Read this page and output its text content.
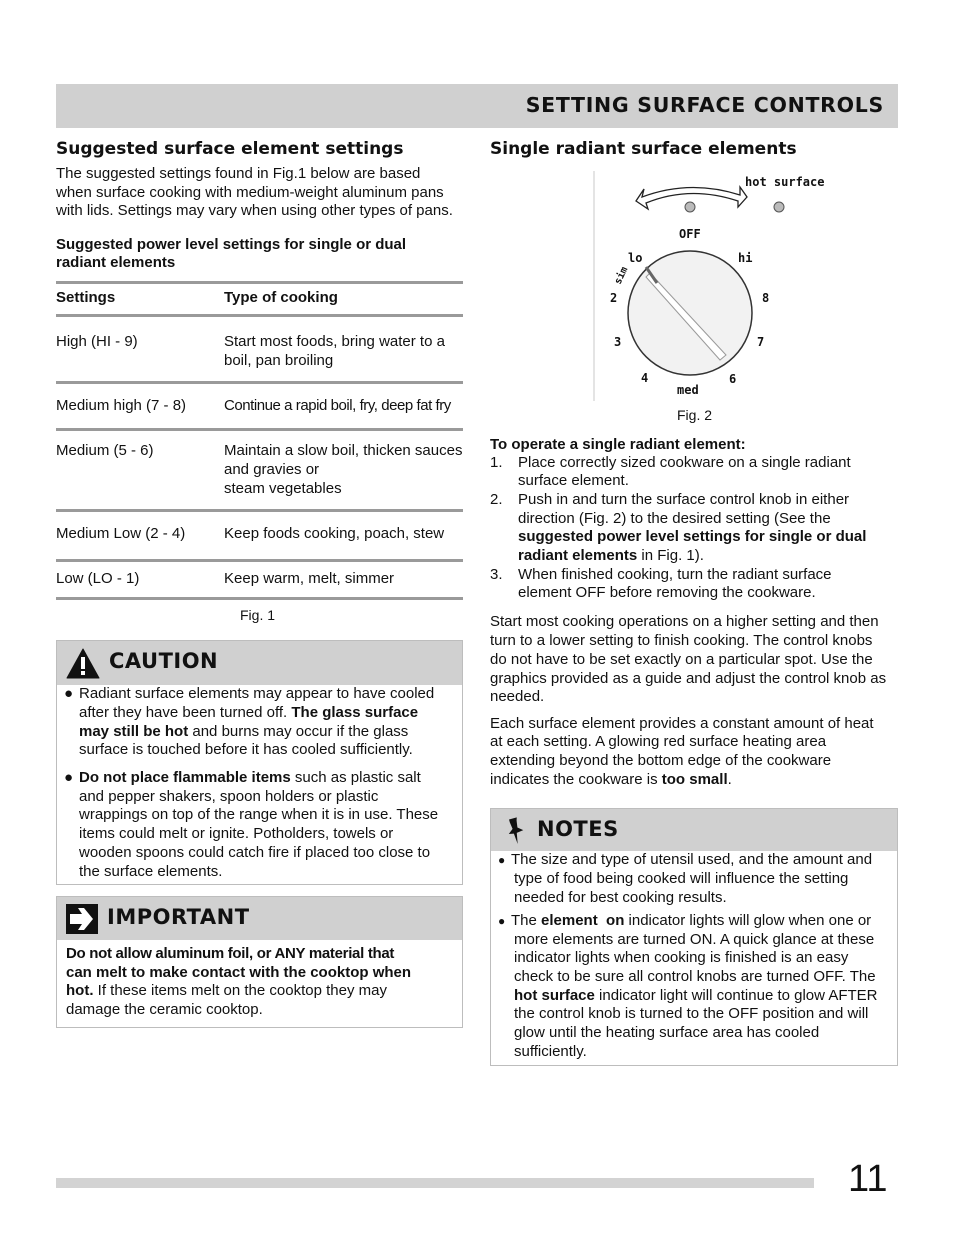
SETTING SURFACE CONTROLS
Suggested surface element settings
The suggested settings found in Fig.1 below are based
when surface cooking with medium-weight aluminum pans
with lids. Settings may vary when using other types of pans.
Suggested power level settings for single or dual
radiant elements
Settings	Type of cooking
High (HI - 9)	Start most foods, bring water to a
boil, pan broiling
Medium high (7 - 8)	Continue a rapid boil, fry, deep fat fry
Medium (5 - 6)	Maintain a slow boil, thicken sauces
and gravies or
steam vegetables
Medium Low (2 - 4)	Keep foods cooking, poach, stew
Low (LO - 1)	Keep warm, melt, simmer
Fig. 1
CAUTION
● Radiant surface elements may appear to have cooled
after they have been turned off. The glass surface
may still be hot and burns may occur if the glass
surface is touched before it has cooled sufficiently.
● Do not place flammable items such as plastic salt
and pepper shakers, spoon holders or plastic
wrappings on top of the range when it is in use. These
items could melt or ignite. Potholders, towels or
wooden spoons could catch fire if placed too close to
the surface elements.
IMPORTANT
Do not allow aluminum foil, or ANY material that
can melt to make contact with the cooktop when
hot. If these items melt on the cooktop they may
damage the ceramic cooktop.
Single radiant surface elements
hot surface
OFF
lo	hi
sim
2
3
4
med
6
7
8
Fig. 2
To operate a single radiant element:
1. Place correctly sized cookware on a single radiant
surface element.
2. Push in and turn the surface control knob in either
direction (Fig. 2) to the desired setting (See the
suggested power level settings for single or dual
radiant elements in Fig. 1).
3. When finished cooking, turn the radiant surface
element OFF before removing the cookware.
Start most cooking operations on a higher setting and then
turn to a lower setting to finish cooking. The control knobs
do not have to be set exactly on a particular spot. Use the
graphics provided as a guide and adjust the control knob as
needed.
Each surface element provides a constant amount of heat
at each setting. A glowing red surface heating area
extending beyond the bottom edge of the cookware
indicates the cookware is too small.
NOTES
● The size and type of utensil used, and the amount and
type of food being cooked will influence the setting
needed for best cooking results.
● The element  on indicator lights will glow when one or
more elements are turned ON. A quick glance at these
indicator lights when cooking is finished is an easy
check to be sure all control knobs are turned OFF. The
hot surface indicator light will continue to glow AFTER
the control knob is turned to the OFF position and will
glow until the heating surface area has cooled
sufficiently.
11
